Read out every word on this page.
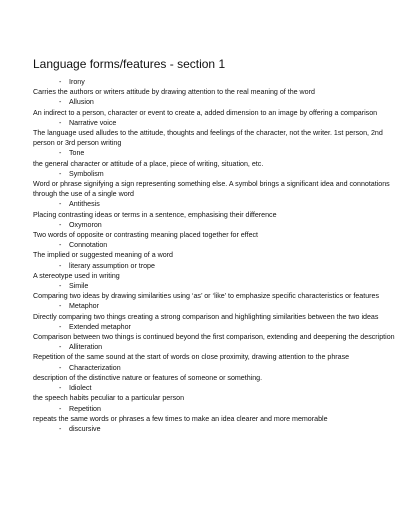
Language forms/features - section 1
- Irony
Carries the authors or writers attitude by drawing attention to the real meaning of the word
- Allusion
An indirect to a person, character or event to create a, added dimension to an image by offering a comparison
- Narrative voice
The language used alludes to the attitude, thoughts and feelings of the character, not the writer. 1st person, 2nd person or 3rd person writing
- Tone
the general character or attitude of a place, piece of writing, situation, etc.
- Symbolism
Word or phrase signifying a sign representing something else. A symbol brings a significant idea and connotations through the use of a single word
- Antithesis
Placing contrasting ideas or terms in a sentence, emphasising their difference
- Oxymoron
Two words of opposite or contrasting meaning placed together for effect
- Connotation
The implied or suggested meaning of a word
- literary assumption or trope
A stereotype used in writing
- Simile
Comparing two ideas by drawing similarities using ‘as’ or ‘like’ to emphasize specific characteristics or features
- Metaphor
Directly comparing two things creating a strong comparison and highlighting similarities between the two ideas
- Extended metaphor
Comparison between two things is continued beyond the first comparison, extending and deepening the description
- Alliteration
Repetition of the same sound at the start of words on close proximity, drawing attention to the phrase
- Characterization
description of the distinctive nature or features of someone or something.
- Idiolect
the speech habits peculiar to a particular person
- Repetition
repeats the same words or phrases a few times to make an idea clearer and more memorable
- discursive
